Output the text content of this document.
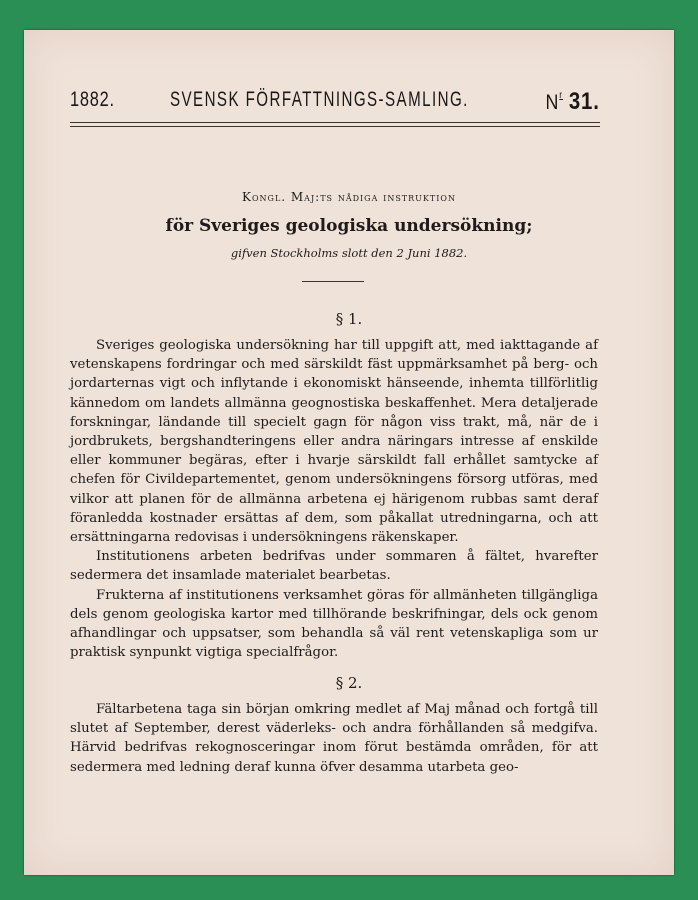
1882.	SVENSK FÖRFATTNINGS-SAMLING.	$N^r$ 31.
Kongl. Maj:ts nådiga instruktion
för Sveriges geologiska undersökning;
gifven Stockholms slott den 2 Juni 1882.
§ 1.

Sveriges geologiska undersökning har till uppgift att, med iakttagande af vetenskapens fordringar och med särskildt fäst uppmärksamhet på berg- och jordarternas vigt och inflytande i ekonomiskt hänseende, inhemta tillförlitlig kännedom om landets allmänna geognostiska beskaffenhet. Mera detaljerade forskningar, ländande till specielt gagn för någon viss trakt, må, när de i jordbrukets, bergshandteringens eller andra näringars intresse af enskilde eller kommuner begäras, efter i hvarje särskildt fall erhållet samtycke af chefen för Civildepartementet, genom undersökningens försorg utföras, med vilkor att planen för de allmänna arbetena ej härigenom rubbas samt deraf föranledda kostnader ersättas af dem, som påkallat utredningarna, och att ersättningarna redovisas i undersökningens räkenskaper.

Institutionens arbeten bedrifvas under sommaren å fältet, hvarefter sedermera det insamlade materialet bearbetas.

Frukterna af institutionens verksamhet göras för allmänheten tillgängliga dels genom geologiska kartor med tillhörande beskrifningar, dels ock genom afhandlingar och uppsatser, som behandla så väl rent vetenskapliga som ur praktisk synpunkt vigtiga specialfrågor.

§ 2.

Fältarbetena taga sin början omkring medlet af Maj månad och fortgå till slutet af September, derest väderleks- och andra förhållanden så medgifva. Härvid bedrifvas rekognosceringar inom förut bestämda områden, för att sedermera med ledning deraf kunna öfver desamma utarbeta geo-
